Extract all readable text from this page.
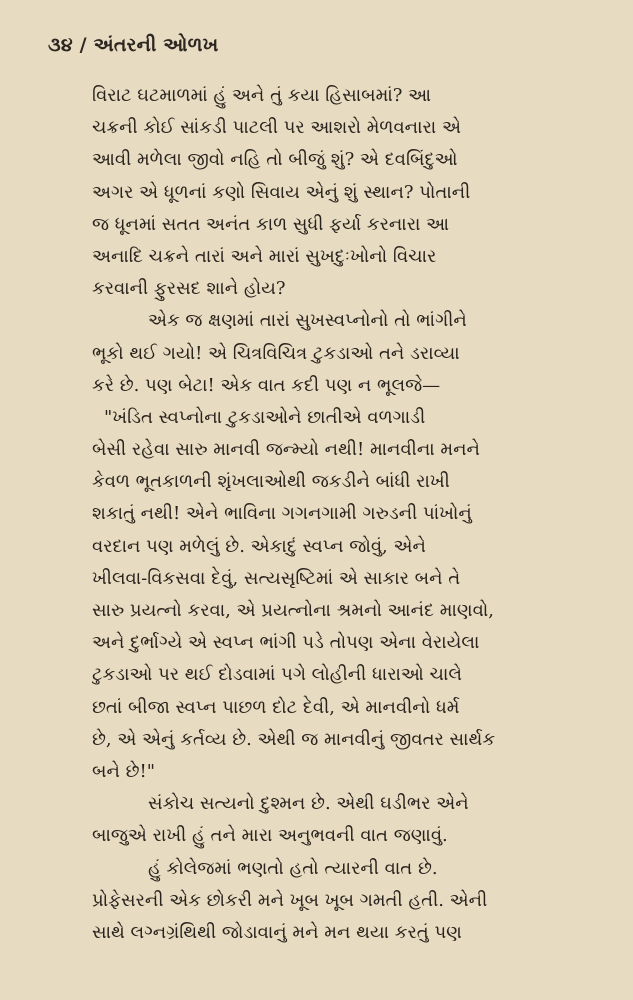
૩૪ / અંતરની ઓળખ
વિરાટ ઘટમાળમાં હું અને તું કયા હિસાબમાં? આ
ચક્રની કોઈ સાંકડી પાટલી પર આશરો મેળવનારા એ
આવી મળેલા જીવો નહિ તો બીજું શું? એ દવબિંદુઓ
અગર એ ધૂળનાં કણો સિવાય એનું શું સ્થાન? પોતાની
જ ધૂનમાં સતત અનંત કાળ સુધી ફર્યા કરનારા આ
અનાદિ ચક્રને તારાં અને મારાં સુખદુઃખોનો વિચાર
કરવાની ફુરસદ શાને હોય?
એક જ ક્ષણમાં તારાં સુખસ્વપ્નોનો તો ભાંગીને
ભૂકો થઈ ગયો! એ ચિત્રવિચિત્ર ટુકડાઓ તને ડરાવ્યા
કરે છે. પણ બેટા! એક વાત કદી પણ ન ભૂલજે—
"ખંડિત સ્વપ્નોના ટુકડાઓને છાતીએ વળગાડી
બેસી રહેવા સારુ માનવી જન્મ્યો નથી! માનવીના મનને
કેવળ ભૂતકાળની શૃંખલાઓથી જકડીને બાંધી રાખી
શકાતું નથી! એને ભાવિના ગગનગામી ગરુડની પાંખોનું
વરદાન પણ મળેલું છે. એકાદું સ્વપ્ન જોવું, એને
ખીલવા-વિકસવા દેવું, સત્યસૃષ્ટિમાં એ સાકાર બને તે
સારુ પ્રયત્નો કરવા, એ પ્રયત્નોના શ્રમનો આનંદ માણવો,
અને દુર્ભાગ્યે એ સ્વપ્ન ભાંગી પડે તોપણ એના વેરાયેલા
ટુકડાઓ પર થઈ દોડવામાં પગે લોહીની ધારાઓ ચાલે
છતાં બીજા સ્વપ્ન પાછળ દોટ દેવી, એ માનવીનો ધર્મ
છે, એ એનું કર્તવ્ય છે. એથી જ માનવીનું જીવતર સાર્થક
બને છે!"
સંકોચ સત્યનો દુશ્મન છે. એથી ઘડીભર એને
બાજુએ રાખી હું તને મારા અનુભવની વાત જણાવું.
હું કોલેજમાં ભણતો હતો ત્યારની વાત છે.
પ્રોફેસરની એક છોકરી મને ખૂબ ખૂબ ગમતી હતી. એની
સાથે લગ્નગ્રંથિથી જોડાવાનું મને મન થયા કરતું પણ
